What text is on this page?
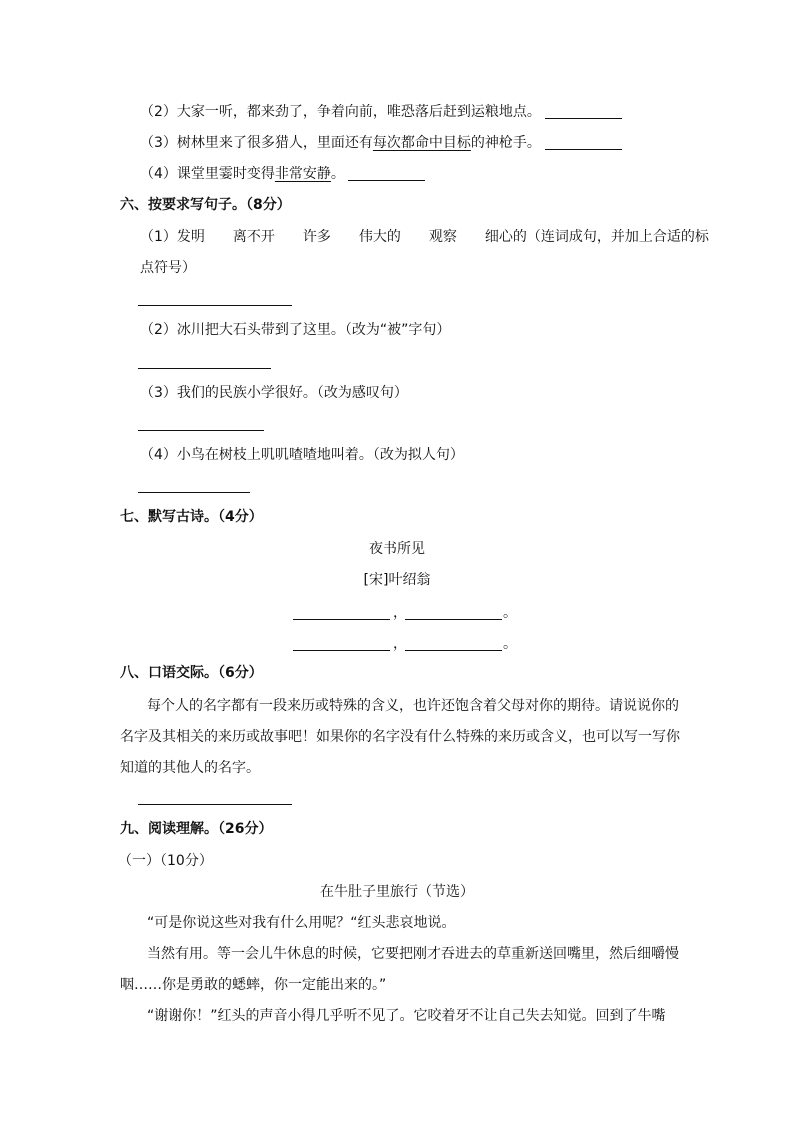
（2）大家一听，都来劲了，争着向前，唯恐落后赶到运粮地点。
（3）树林里来了很多猎人，里面还有每次都命中目标的神枪手。
（4）课堂里霎时变得非常安静。
六、按要求写句子。（8分）
（1）发明　　离不开　　许多　　伟大的　　观察　　细心的（连词成句，并加上合适的标
点符号）
（2）冰川把大石头带到了这里。（改为“被”字句）
（3）我们的民族小学很好。（改为感叹句）
（4）小鸟在树枝上叽叽喳喳地叫着。（改为拟人句）
七、默写古诗。（4分）
夜书所见
[宋]叶绍翁
，	。
，	。
八、口语交际。（6分）
每个人的名字都有一段来历或特殊的含义，也许还饱含着父母对你的期待。请说说你的
名字及其相关的来历或故事吧！如果你的名字没有什么特殊的来历或含义，也可以写一写你
知道的其他人的名字。
九、阅读理解。（26分）
（一）（10分）
在牛肚子里旅行（节选）
“可是你说这些对我有什么用呢？“红头悲哀地说。
当然有用。等一会儿牛休息的时候，它要把刚才吞进去的草重新送回嘴里，然后细嚼慢
咽……你是勇敢的蟋蟀，你一定能出来的。”
“谢谢你！”红头的声音小得几乎听不见了。它咬着牙不让自己失去知觉。回到了牛嘴
